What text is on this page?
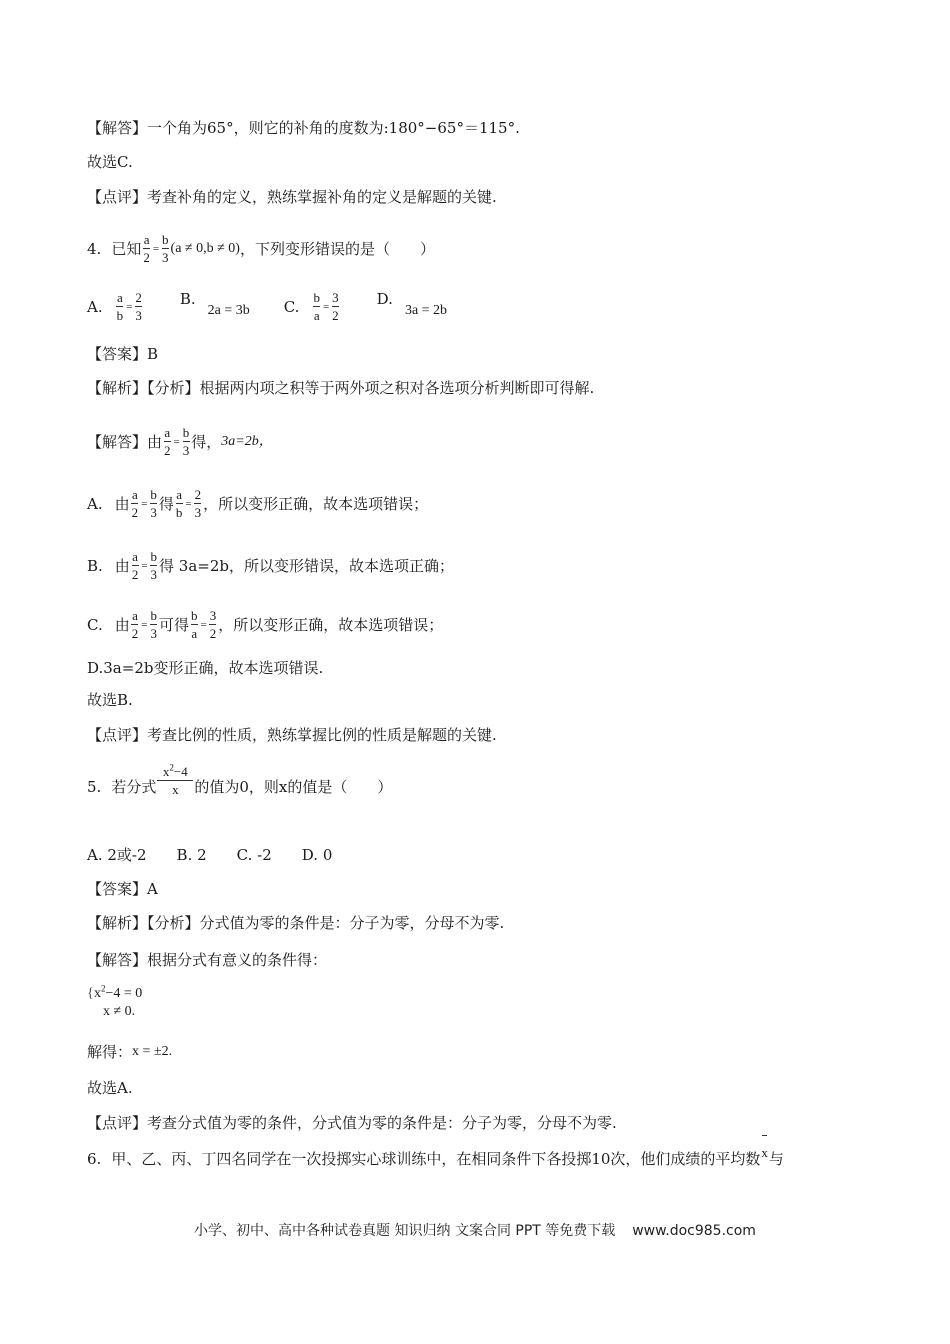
【解答】 一个角为65°，则它的补角的度数为:180°−65°＝115°.
故选C.
【点评】 考查补角的定义，熟练掌握补角的定义是解题的关键.
4. 已知 $\frac{a}{2} = \frac{b}{3} (a \ne 0,b \ne 0)$ ，下列变形错误的是（　　）
A. $\frac{a}{b} = \frac{2}{3} B$.
2a = 3b C. $\frac{b}{a} = \frac{3}{2} D$.
3a = 2b
【答案】 B
【解析】【分析】 根据两内项之积等于两外项之积对各选项分析判断即可得解.
【解答】 由 $\frac{a}{2} = \frac{b}{3}$ 得， 3a=2b，
A. 由 $\frac{a}{2} = \frac{b}{3}$ 得 $\frac{a}{b} = \frac{2}{3}$ ，所以变形正确，故本选项错误；
B. 由 $\frac{a}{2} = \frac{b}{3}$ 得 3a=2b ，所以变形错误，故本选项正确；
C. 由 $\frac{a}{2} = \frac{b}{3}$ 可得 $\frac{b}{a} = \frac{3}{2}$ ，所以变形正确，故本选项错误；
D. 3a=2b变形正确，故本选项错误.
故选B.
【点评】 考查比例的性质，熟练掌握比例的性质是解题的关键.
5. 若分式 $\frac{x^2-4}{x}$ 的值为0，则x的值是（　　）
A. 2或-2 B. 2 C. -2 D. 0
【答案】 A
【解析】【分析】 分式值为零的条件是：分子为零，分母不为零.
【解答】 根据分式有意义的条件得：
{ $x^2-4 = 0$
x ≠ 0.
解得： x = ±2.
故选A.
【点评】 考查分式值为零的条件，分式值为零的条件是：分子为零，分母不为零.
6. 甲、乙、丙、丁四名同学在一次投掷实心球训练中，在相同条件下各投掷10次，他们成绩的平均数 x 与
小学、初中、高中各种试卷真题 知识归纳 文案合同 PPT 等免费下载 www.doc985.com
